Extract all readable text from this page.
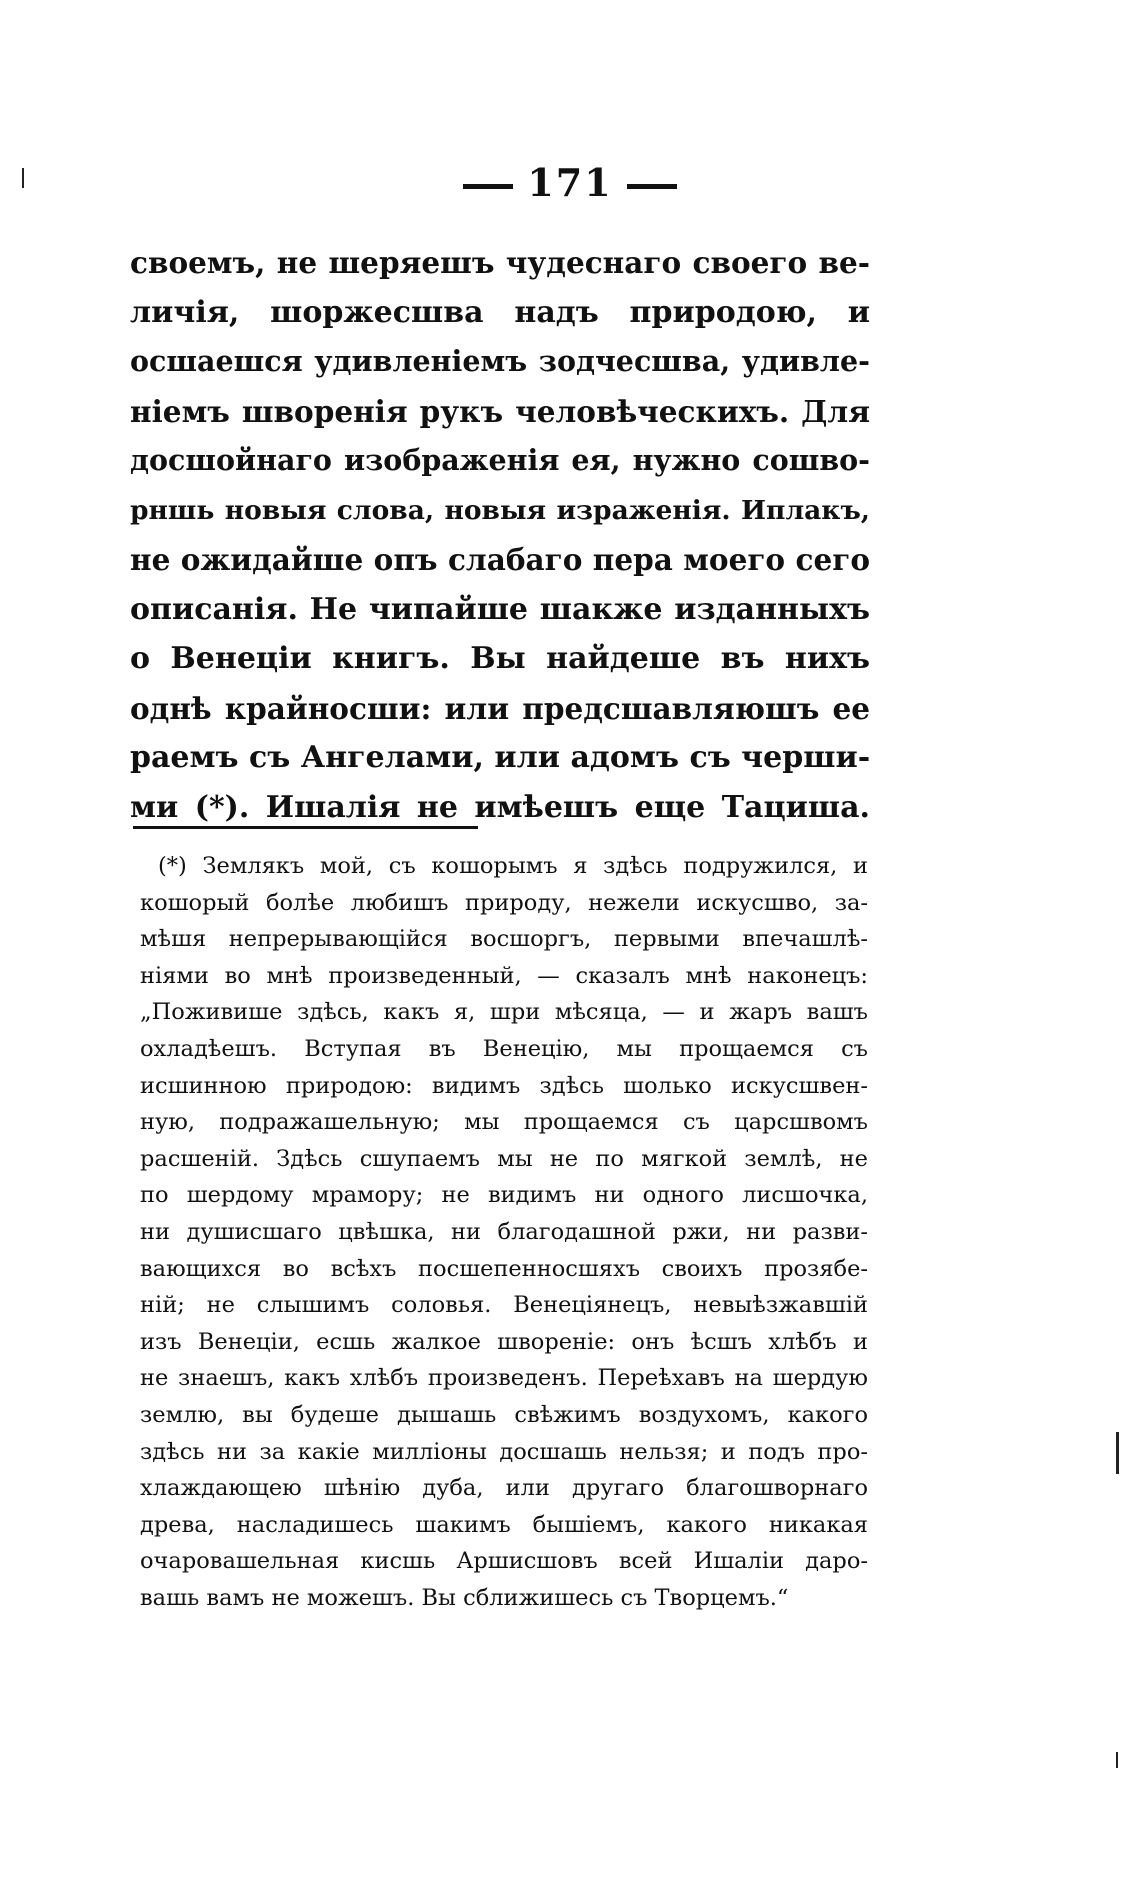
171
своемъ, не шеряешъ чудеснаго своего ве-
личія, шоржесшва надъ природою, и
осшаешся удивленіемъ зодчесшва, удивле-
ніемъ шворенія рукъ человѣческихъ. Для
досшойнаго изображенія ея, нужно сошво-
рншь новыя слова, новыя израженія. Иплакъ,
не ожидайше опъ слабаго пера моего сего
описанія. Не чипайше шакже изданныхъ
о Венеціи книгъ. Вы найдеше въ нихъ
однѣ крайносши: или предсшавляюшъ ее
раемъ съ Ангелами, или адомъ съ черши-
ми (*). Ишалія не имѣешъ еще Тациша.
(*) Землякъ мой, съ кошорымъ я здѣсь подружился, и
кошорый болѣе любишъ природу, нежели искусшво, за-
мѣшя непрерывающійся восшоргъ, первыми впечашлѣ-
ніями во мнѣ произведенный, — сказалъ мнѣ наконецъ:
„Поживише здѣсь, какъ я, шри мѣсяца, — и жаръ вашъ
охладѣешъ. Вступая въ Венецію, мы прощаемся съ
исшинною природою: видимъ здѣсь шолько искусшвен-
ную, подражашельную; мы прощаемся съ царсшвомъ
расшеній. Здѣсь сшупаемъ мы не по мягкой землѣ, не
по шердому мрамору; не видимъ ни одного лисшочка,
ни душисшаго цвѣшка, ни благодашной ржи, ни разви-
вающихся во всѣхъ посшепенносшяхъ своихъ прозябе-
ній; не слышимъ соловья. Венеціянецъ, невыѣзжавшій
изъ Венеціи, есшь жалкое швореніе: онъ ѣсшъ хлѣбъ и
не знаешъ, какъ хлѣбъ произведенъ. Переѣхавъ на шердую
землю, вы будеше дышашь свѣжимъ воздухомъ, какого
здѣсь ни за какіе милліоны досшашь нельзя; и подъ про-
хлаждающею шѣнію дуба, или другаго благошворнаго
древа, насладишесь шакимъ бышіемъ, какого никакая
очаровашельная кисшь Аршисшовъ всей Ишаліи даро-
вашь вамъ не можешъ. Вы сближишесь съ Творцемъ.“
